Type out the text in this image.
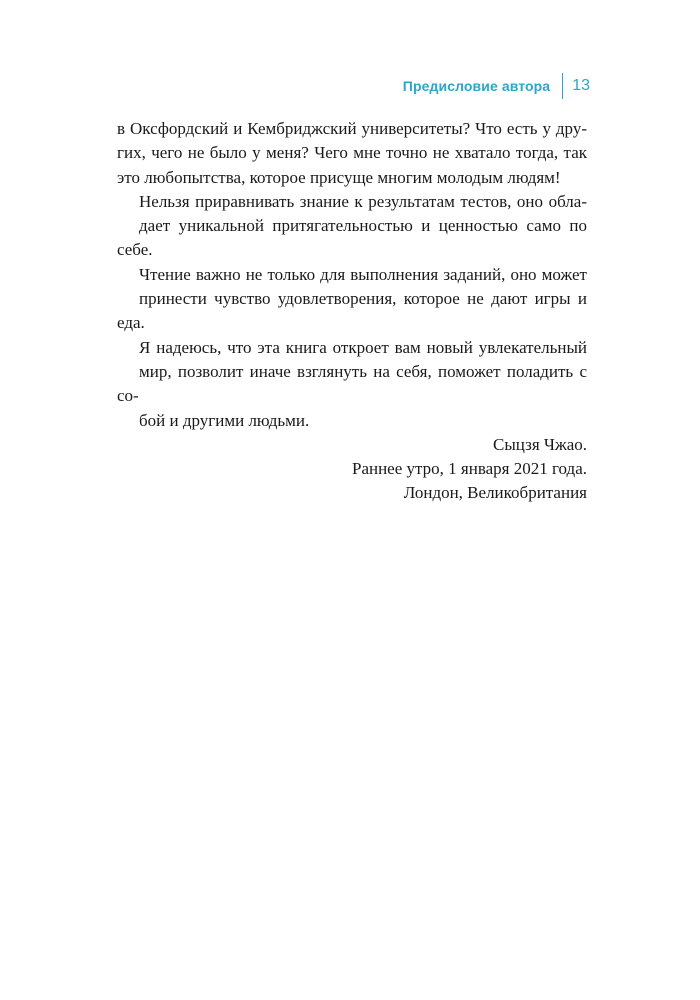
Предисловие автора 13

в Оксфордский и Кембриджский университеты? Что есть у дру-
гих, чего не было у меня? Чего мне точно не хватало тогда, так
это любопытства, которое присуще многим молодым людям!

Нельзя приравнивать знание к результатам тестов, оно обла-
дает уникальной притягательностью и ценностью само по себе.
Чтение важно не только для выполнения заданий, оно может
принести чувство удовлетворения, которое не дают игры и еда.

Я надеюсь, что эта книга откроет вам новый увлекательный
мир, позволит иначе взглянуть на себя, поможет поладить с со-
бой и другими людьми.

Сыцзя Чжао.
Раннее утро, 1 января 2021 года.
Лондон, Великобритания
